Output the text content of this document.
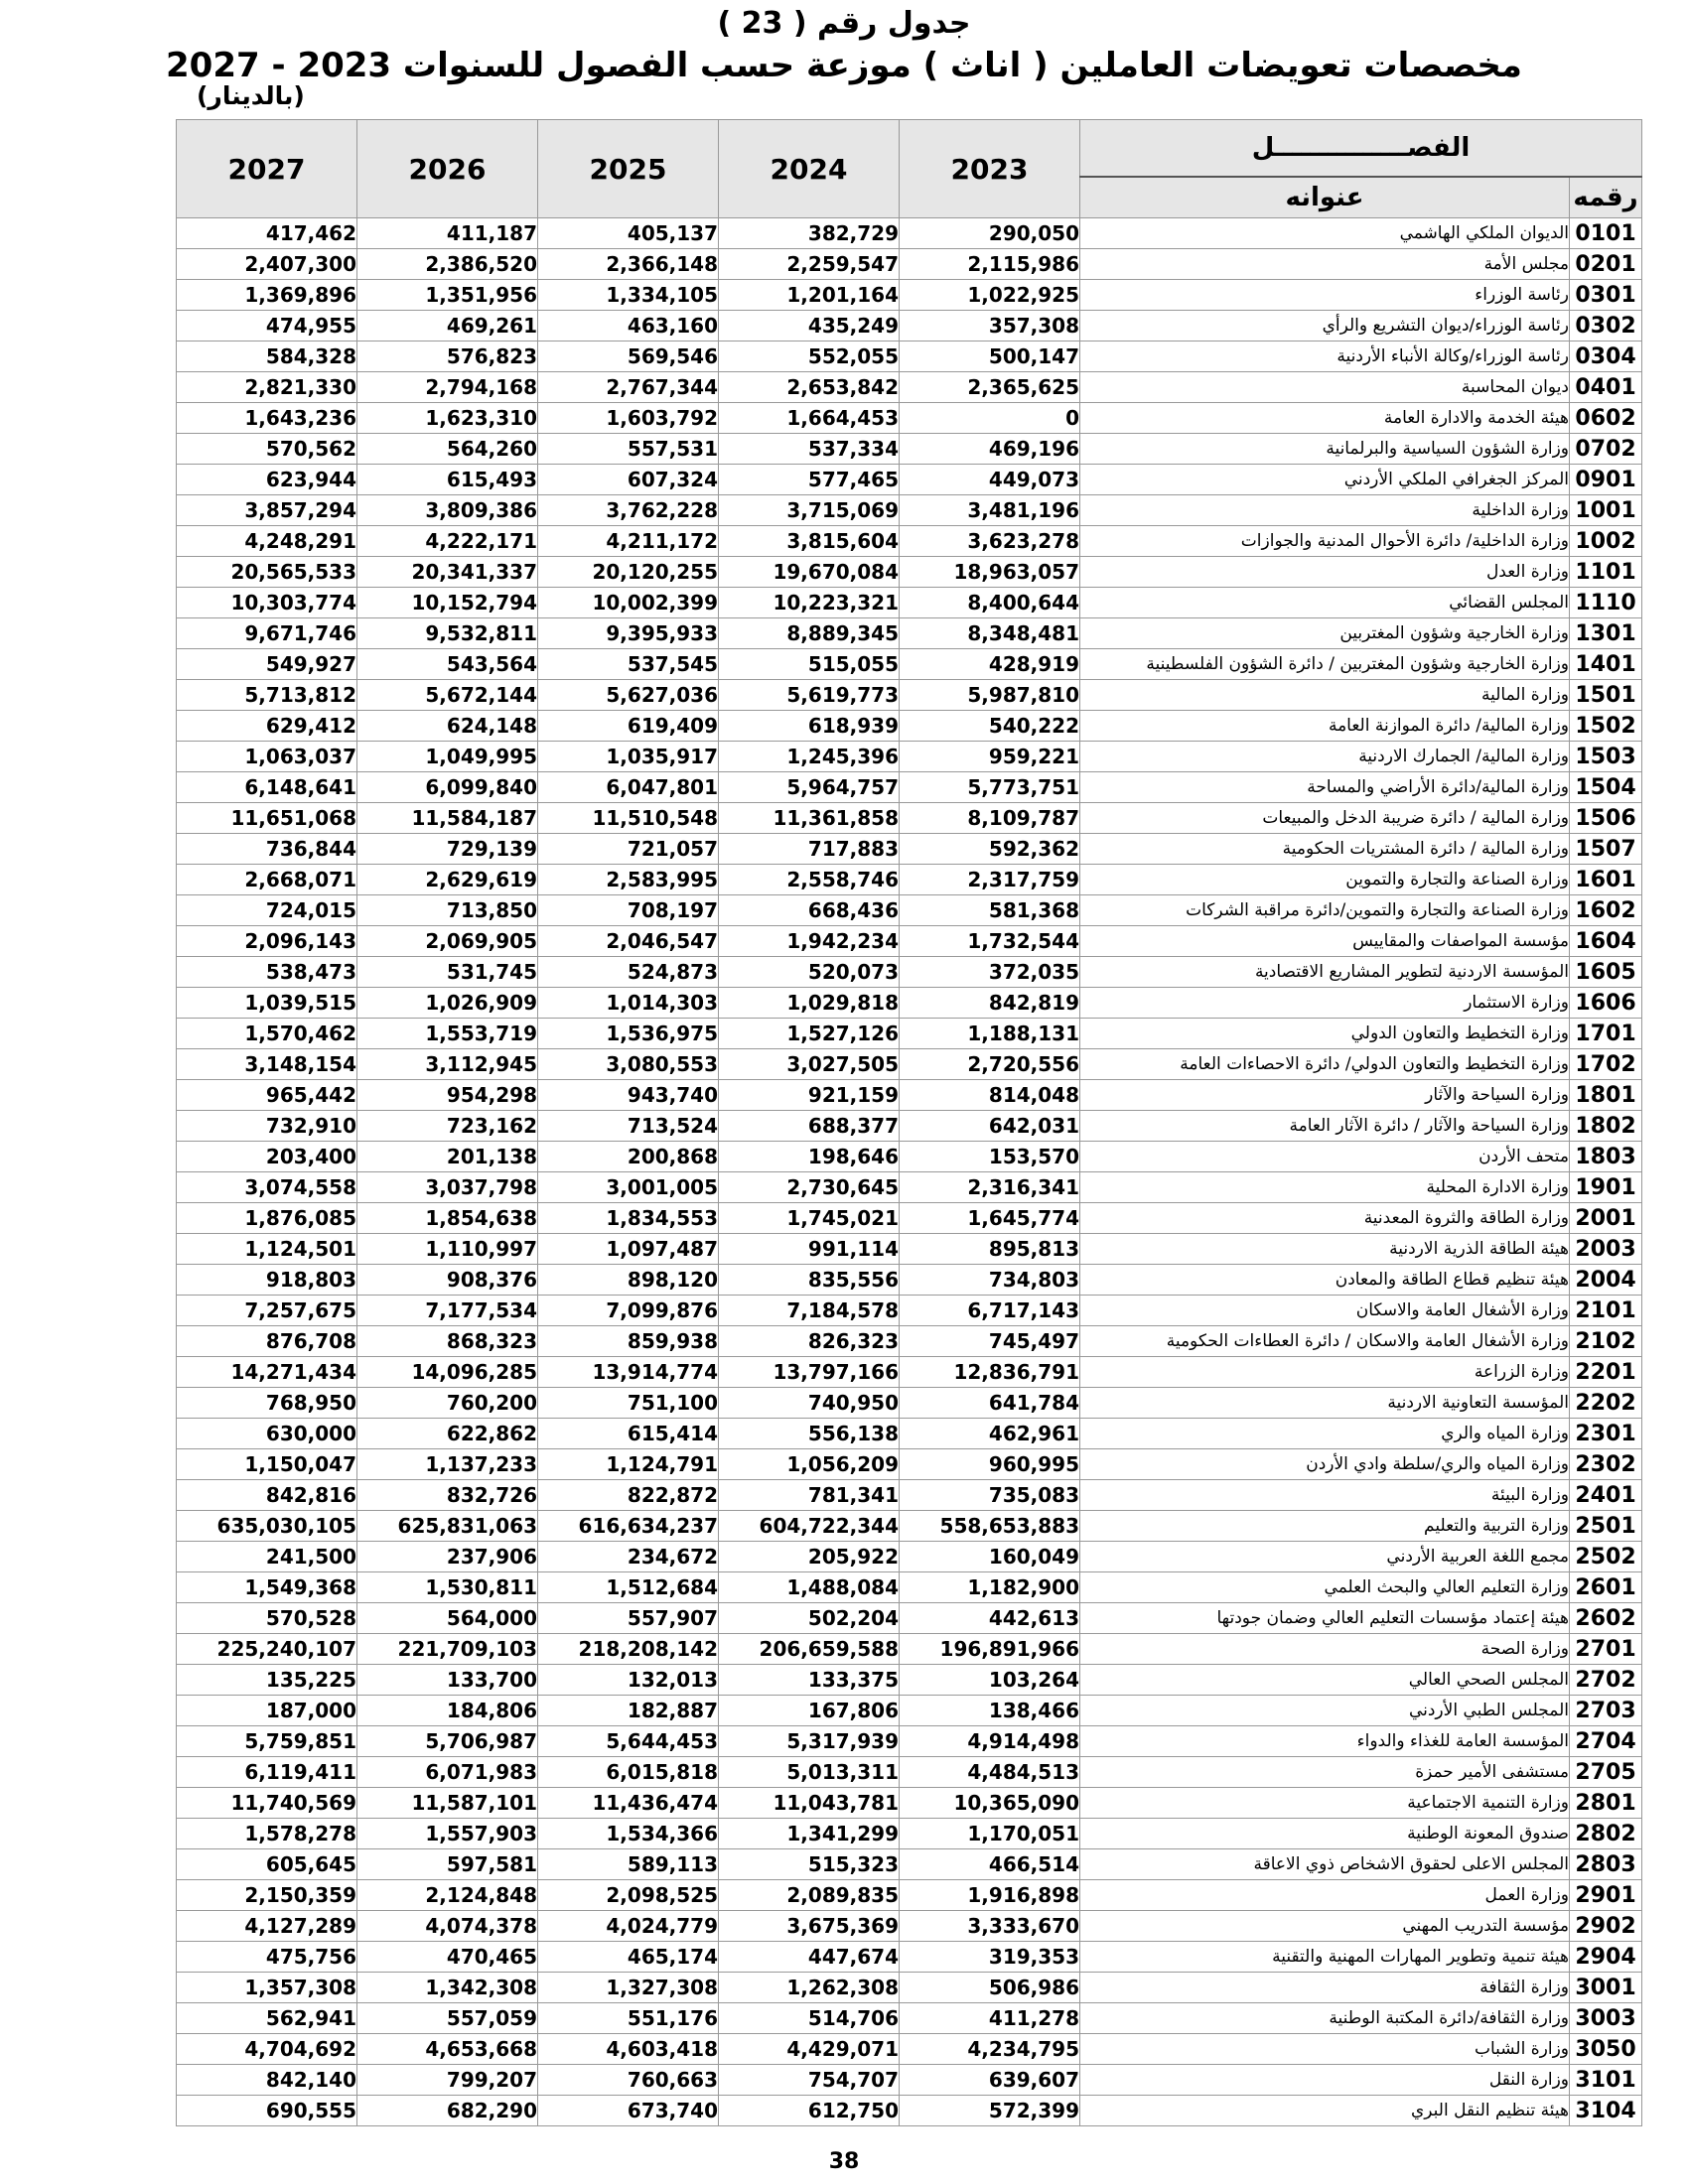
جدول رقم ( 23 )
مخصصات تعويضات العاملين ( اناث ) موزعة حسب الفصول للسنوات 2023 - 2027
(بالدينار)
2027	2026	2025	2024	2023	الفصـــــــــــــــل	
					عنوانه	رقمه
417,462	411,187	405,137	382,729	290,050	الديوان الملكي الهاشمي	0101
2,407,300	2,386,520	2,366,148	2,259,547	2,115,986	مجلس الأمة	0201
1,369,896	1,351,956	1,334,105	1,201,164	1,022,925	رئاسة الوزراء	0301
474,955	469,261	463,160	435,249	357,308	رئاسة الوزراء/ديوان التشريع والرأي	0302
584,328	576,823	569,546	552,055	500,147	رئاسة الوزراء/وكالة الأنباء الأردنية	0304
2,821,330	2,794,168	2,767,344	2,653,842	2,365,625	ديوان المحاسبة	0401
1,643,236	1,623,310	1,603,792	1,664,453	0	هيئة الخدمة والادارة العامة	0602
570,562	564,260	557,531	537,334	469,196	وزارة الشؤون السياسية والبرلمانية	0702
623,944	615,493	607,324	577,465	449,073	المركز الجغرافي الملكي الأردني	0901
3,857,294	3,809,386	3,762,228	3,715,069	3,481,196	وزارة الداخلية	1001
4,248,291	4,222,171	4,211,172	3,815,604	3,623,278	وزارة الداخلية/ دائرة الأحوال المدنية والجوازات	1002
20,565,533	20,341,337	20,120,255	19,670,084	18,963,057	وزارة العدل	1101
10,303,774	10,152,794	10,002,399	10,223,321	8,400,644	المجلس القضائي	1110
9,671,746	9,532,811	9,395,933	8,889,345	8,348,481	وزارة الخارجية وشؤون المغتربين	1301
549,927	543,564	537,545	515,055	428,919	وزارة الخارجية وشؤون المغتربين / دائرة الشؤون الفلسطينية	1401
5,713,812	5,672,144	5,627,036	5,619,773	5,987,810	وزارة المالية	1501
629,412	624,148	619,409	618,939	540,222	وزارة المالية/ دائرة الموازنة العامة	1502
1,063,037	1,049,995	1,035,917	1,245,396	959,221	وزارة المالية/ الجمارك الاردنية	1503
6,148,641	6,099,840	6,047,801	5,964,757	5,773,751	وزارة المالية/دائرة الأراضي والمساحة	1504
11,651,068	11,584,187	11,510,548	11,361,858	8,109,787	وزارة المالية / دائرة ضريبة الدخل والمبيعات	1506
736,844	729,139	721,057	717,883	592,362	وزارة المالية / دائرة المشتريات الحكومية	1507
2,668,071	2,629,619	2,583,995	2,558,746	2,317,759	وزارة الصناعة والتجارة والتموين	1601
724,015	713,850	708,197	668,436	581,368	وزارة الصناعة والتجارة والتموين/دائرة مراقبة الشركات	1602
2,096,143	2,069,905	2,046,547	1,942,234	1,732,544	مؤسسة المواصفات والمقاييس	1604
538,473	531,745	524,873	520,073	372,035	المؤسسة الاردنية لتطوير المشاريع الاقتصادية	1605
1,039,515	1,026,909	1,014,303	1,029,818	842,819	وزارة الاستثمار	1606
1,570,462	1,553,719	1,536,975	1,527,126	1,188,131	وزارة التخطيط والتعاون الدولي	1701
3,148,154	3,112,945	3,080,553	3,027,505	2,720,556	وزارة التخطيط والتعاون الدولي/ دائرة الاحصاءات العامة	1702
965,442	954,298	943,740	921,159	814,048	وزارة السياحة والآثار	1801
732,910	723,162	713,524	688,377	642,031	وزارة السياحة والآثار / دائرة الآثار العامة	1802
203,400	201,138	200,868	198,646	153,570	متحف الأردن	1803
3,074,558	3,037,798	3,001,005	2,730,645	2,316,341	وزارة الادارة المحلية	1901
1,876,085	1,854,638	1,834,553	1,745,021	1,645,774	وزارة الطاقة والثروة المعدنية	2001
1,124,501	1,110,997	1,097,487	991,114	895,813	هيئة الطاقة الذرية الاردنية	2003
918,803	908,376	898,120	835,556	734,803	هيئة تنظيم قطاع الطاقة والمعادن	2004
7,257,675	7,177,534	7,099,876	7,184,578	6,717,143	وزارة الأشغال العامة والاسكان	2101
876,708	868,323	859,938	826,323	745,497	وزارة الأشغال العامة والاسكان / دائرة العطاءات الحكومية	2102
14,271,434	14,096,285	13,914,774	13,797,166	12,836,791	وزارة الزراعة	2201
768,950	760,200	751,100	740,950	641,784	المؤسسة التعاونية الاردنية	2202
630,000	622,862	615,414	556,138	462,961	وزارة المياه والري	2301
1,150,047	1,137,233	1,124,791	1,056,209	960,995	وزارة المياه والري/سلطة وادي الأردن	2302
842,816	832,726	822,872	781,341	735,083	وزارة البيئة	2401
635,030,105	625,831,063	616,634,237	604,722,344	558,653,883	وزارة التربية والتعليم	2501
241,500	237,906	234,672	205,922	160,049	مجمع اللغة العربية الأردني	2502
1,549,368	1,530,811	1,512,684	1,488,084	1,182,900	وزارة التعليم العالي والبحث العلمي	2601
570,528	564,000	557,907	502,204	442,613	هيئة إعتماد مؤسسات التعليم العالي وضمان جودتها	2602
225,240,107	221,709,103	218,208,142	206,659,588	196,891,966	وزارة الصحة	2701
135,225	133,700	132,013	133,375	103,264	المجلس الصحي العالي	2702
187,000	184,806	182,887	167,806	138,466	المجلس الطبي الأردني	2703
5,759,851	5,706,987	5,644,453	5,317,939	4,914,498	المؤسسة العامة للغذاء والدواء	2704
6,119,411	6,071,983	6,015,818	5,013,311	4,484,513	مستشفى الأمير حمزة	2705
11,740,569	11,587,101	11,436,474	11,043,781	10,365,090	وزارة التنمية الاجتماعية	2801
1,578,278	1,557,903	1,534,366	1,341,299	1,170,051	صندوق المعونة الوطنية	2802
605,645	597,581	589,113	515,323	466,514	المجلس الاعلى لحقوق الاشخاص ذوي الاعاقة	2803
2,150,359	2,124,848	2,098,525	2,089,835	1,916,898	وزارة العمل	2901
4,127,289	4,074,378	4,024,779	3,675,369	3,333,670	مؤسسة التدريب المهني	2902
475,756	470,465	465,174	447,674	319,353	هيئة تنمية وتطوير المهارات المهنية والتقنية	2904
1,357,308	1,342,308	1,327,308	1,262,308	506,986	وزارة الثقافة	3001
562,941	557,059	551,176	514,706	411,278	وزارة الثقافة/دائرة المكتبة الوطنية	3003
4,704,692	4,653,668	4,603,418	4,429,071	4,234,795	وزارة الشباب	3050
842,140	799,207	760,663	754,707	639,607	وزارة النقل	3101
690,555	682,290	673,740	612,750	572,399	هيئة تنظيم النقل البري	3104
38
